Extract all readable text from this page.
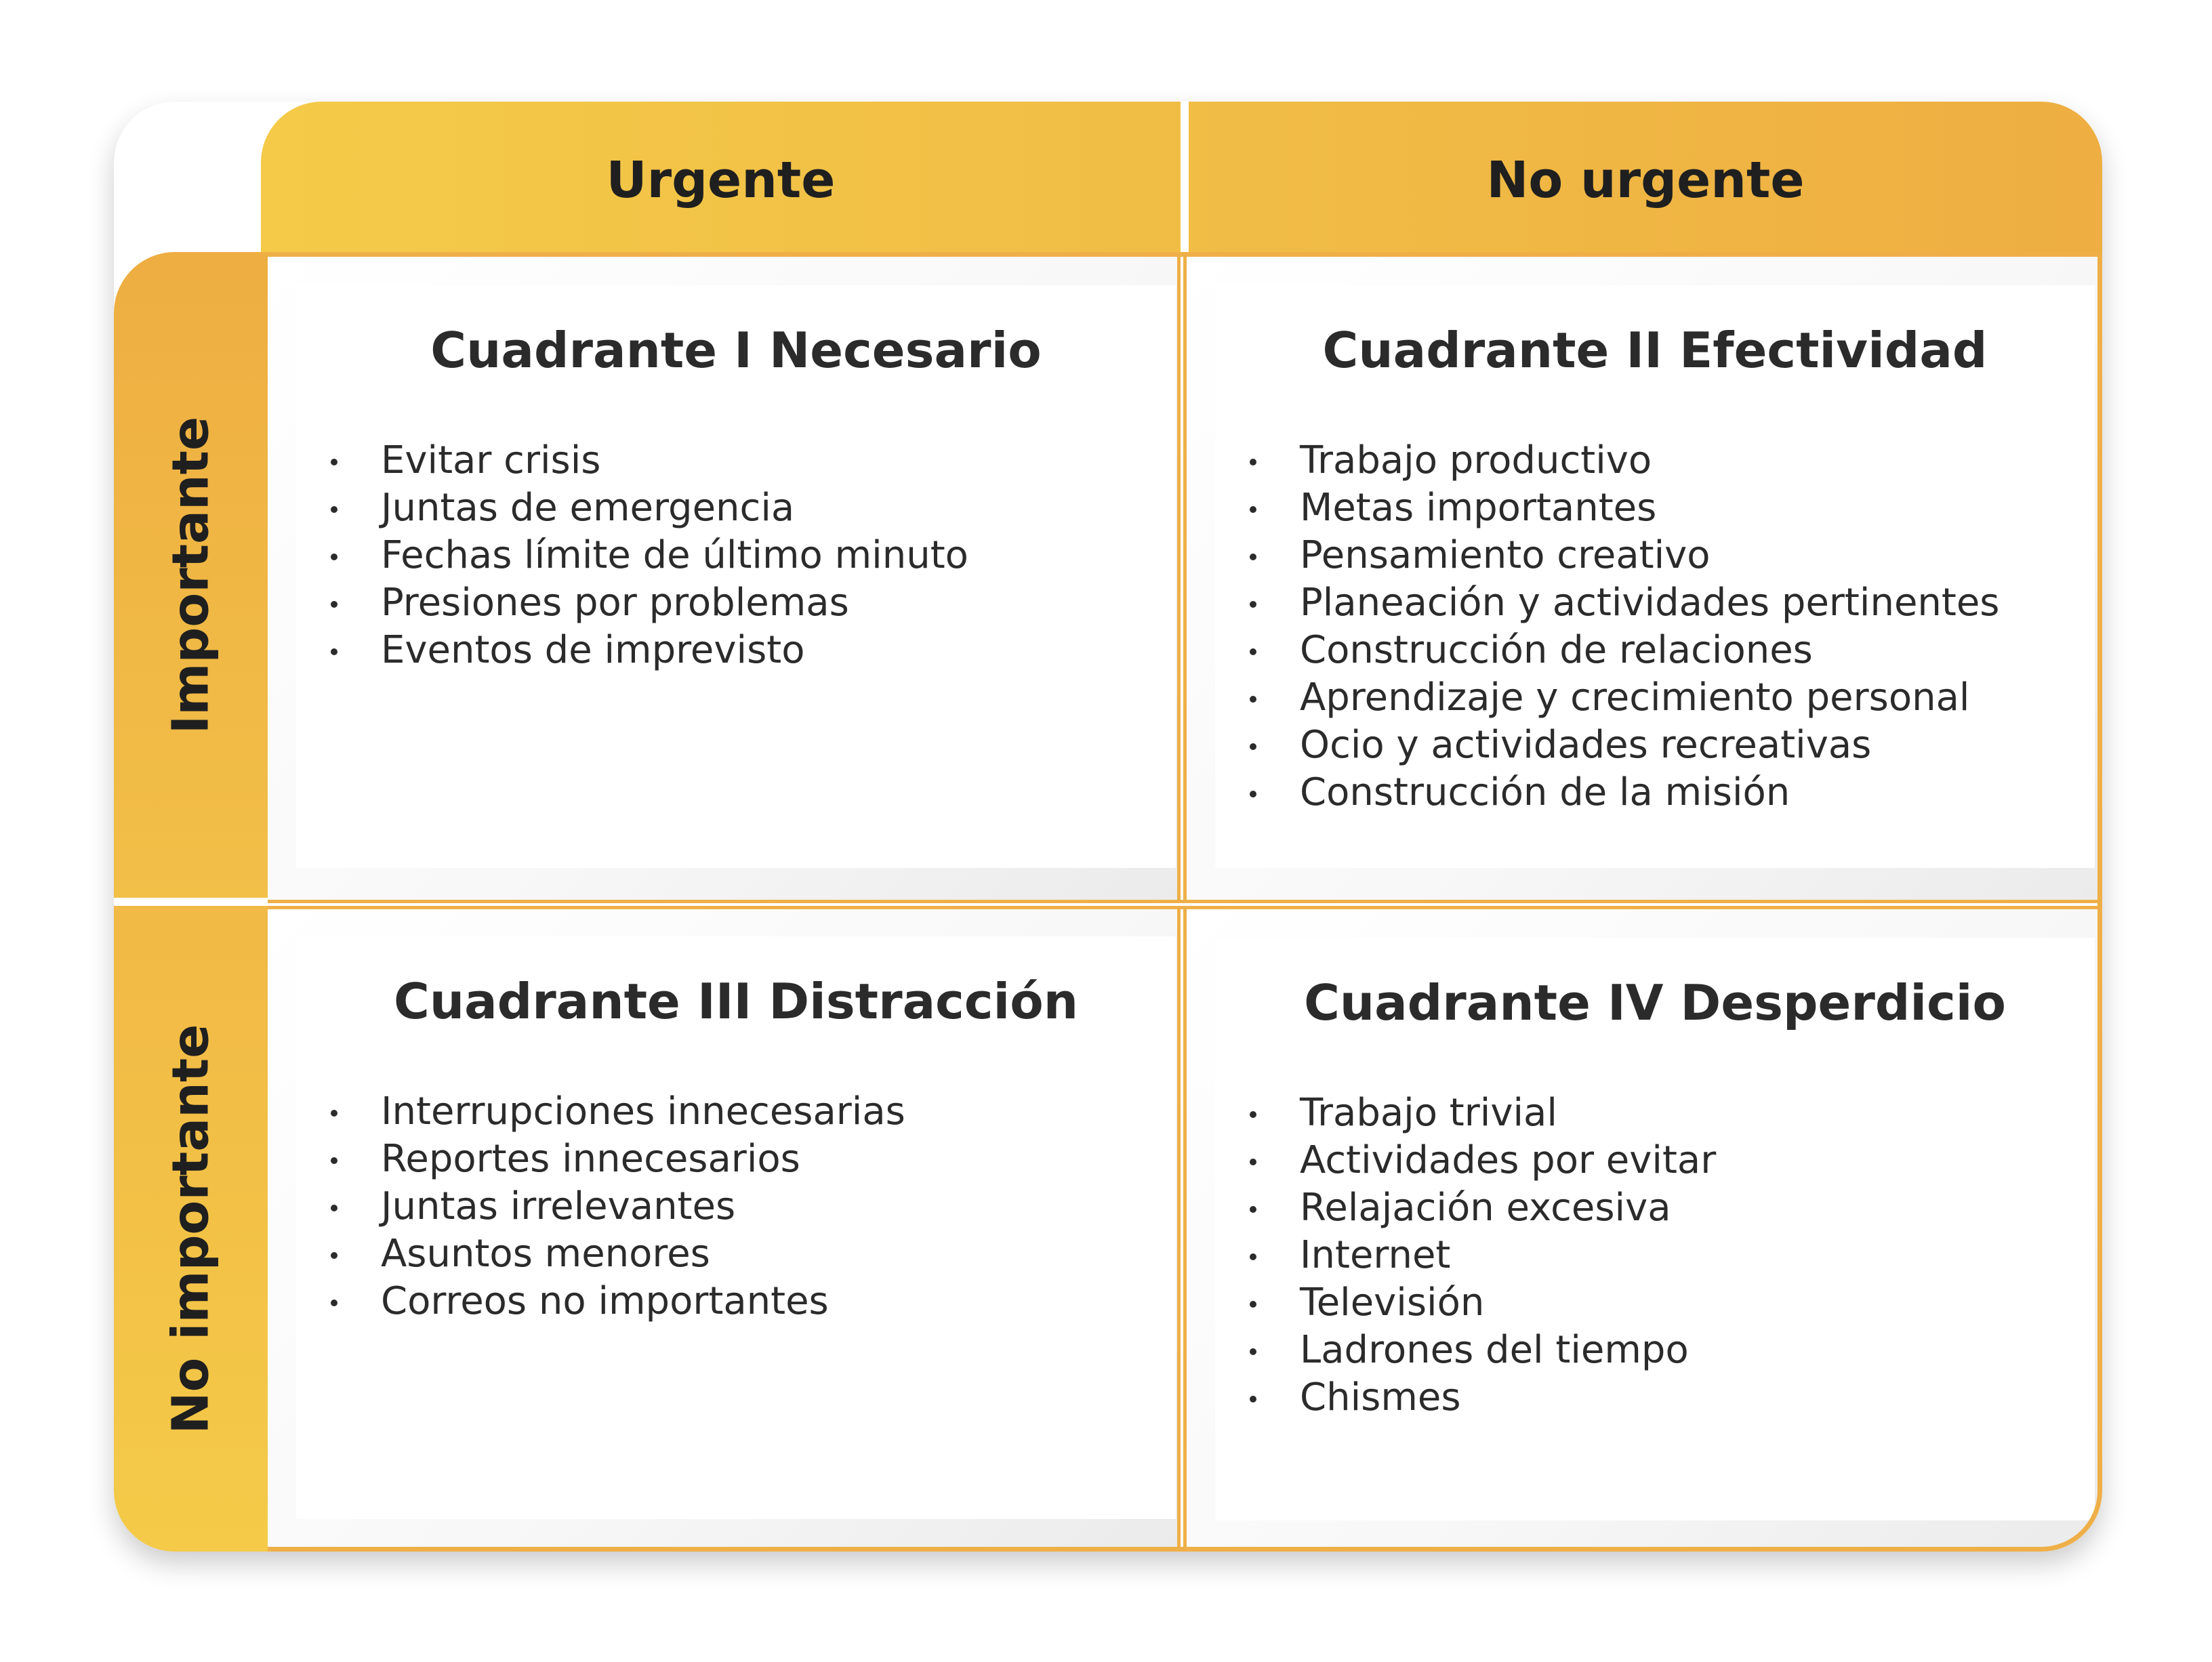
Urgente	No urgente
Importante
No importante
Cuadrante I Necesario
Evitar crisis
Juntas de emergencia
Fechas límite de último minuto
Presiones por problemas
Eventos de imprevisto
Cuadrante II Efectividad
Trabajo productivo
Metas importantes
Pensamiento creativo
Planeación y actividades pertinentes
Construcción de relaciones
Aprendizaje y crecimiento personal
Ocio y actividades recreativas
Construcción de la misión
Cuadrante III Distracción
Interrupciones innecesarias
Reportes innecesarios
Juntas irrelevantes
Asuntos menores
Correos no importantes
Cuadrante IV Desperdicio
Trabajo trivial
Actividades por evitar
Relajación excesiva
Internet
Televisión
Ladrones del tiempo
Chismes
